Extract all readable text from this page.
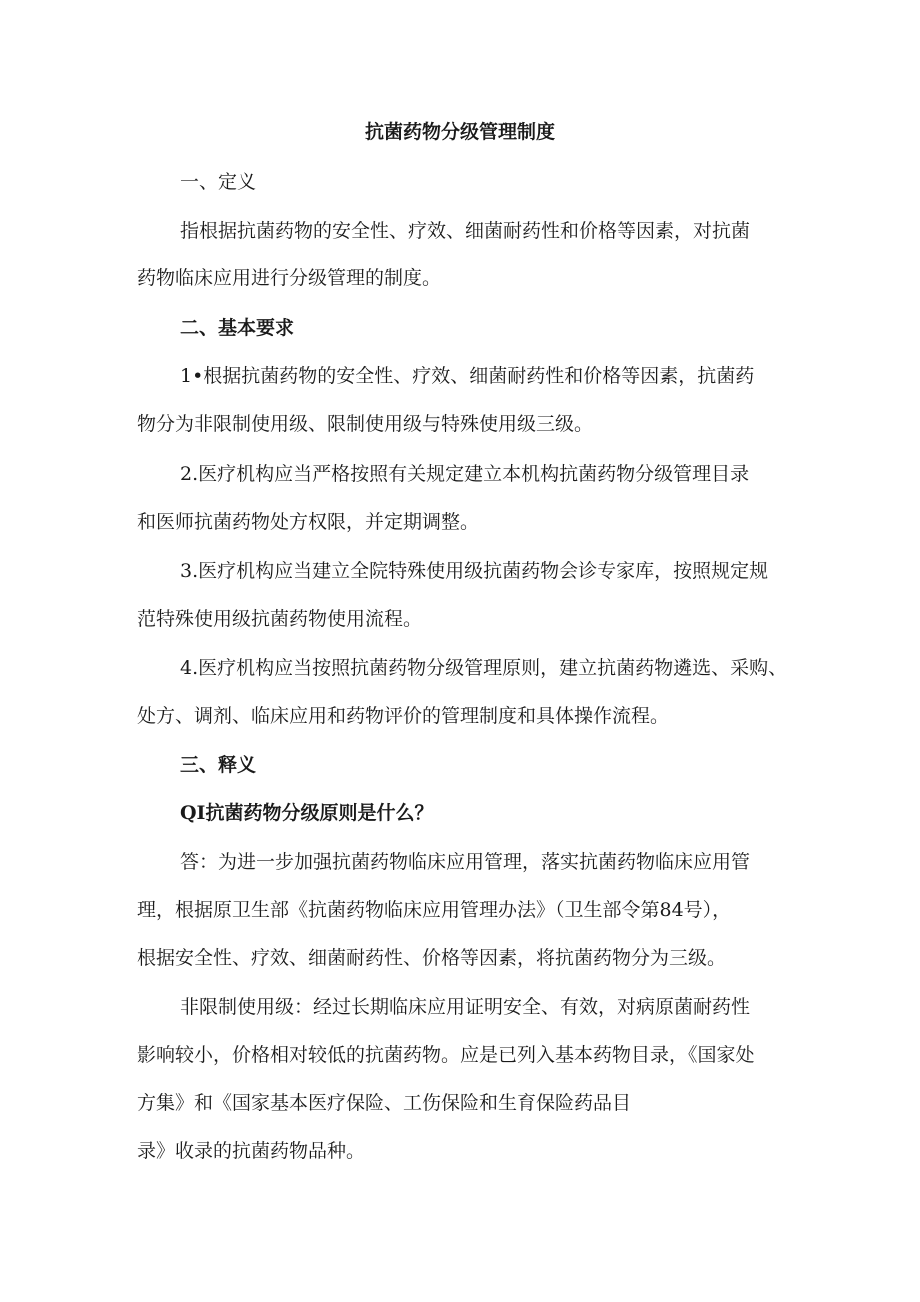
抗菌药物分级管理制度

一、定义

指根据抗菌药物的安全性、疗效、细菌耐药性和价格等因素，对抗菌

药物临床应用进行分级管理的制度。

二、基本要求

1•根据抗菌药物的安全性、疗效、细菌耐药性和价格等因素，抗菌药

物分为非限制使用级、限制使用级与特殊使用级三级。

2.医疗机构应当严格按照有关规定建立本机构抗菌药物分级管理目录

和医师抗菌药物处方权限，并定期调整。

3.医疗机构应当建立全院特殊使用级抗菌药物会诊专家库，按照规定规

范特殊使用级抗菌药物使用流程。

4.医疗机构应当按照抗菌药物分级管理原则，建立抗菌药物遴选、采购、

处方、调剂、临床应用和药物评价的管理制度和具体操作流程。

三、释义

QI抗菌药物分级原则是什么？

答：为进一步加强抗菌药物临床应用管理，落实抗菌药物临床应用管

理，根据原卫生部《抗菌药物临床应用管理办法》（卫生部令第84号），

根据安全性、疗效、细菌耐药性、价格等因素，将抗菌药物分为三级。

非限制使用级：经过长期临床应用证明安全、有效，对病原菌耐药性

影响较小，价格相对较低的抗菌药物。应是已列入基本药物目录，《国家处

方集》和《国家基本医疗保险、工伤保险和生育保险药品目

录》收录的抗菌药物品种。
